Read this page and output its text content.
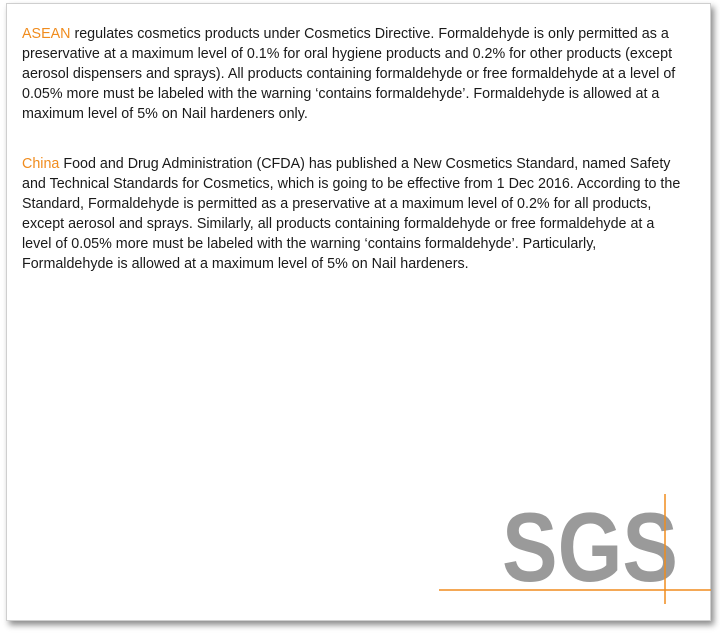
ASEAN regulates cosmetics products under Cosmetics Directive. Formaldehyde is only permitted as a preservative at a maximum level of 0.1% for oral hygiene products and 0.2% for other products (except aerosol dispensers and sprays). All products containing formaldehyde or free formaldehyde at a level of 0.05% more must be labeled with the warning ‘contains formaldehyde’. Formaldehyde is allowed at a maximum level of 5% on Nail hardeners only.

China Food and Drug Administration (CFDA) has published a New Cosmetics Standard, named Safety and Technical Standards for Cosmetics, which is going to be effective from 1 Dec 2016. According to the Standard, Formaldehyde is permitted as a preservative at a maximum level of 0.2% for all products, except aerosol and sprays. Similarly, all products containing formaldehyde or free formaldehyde at a level of 0.05% more must be labeled with the warning ‘contains formaldehyde’. Particularly, Formaldehyde is allowed at a maximum level of 5% on Nail hardeners.

SGS
